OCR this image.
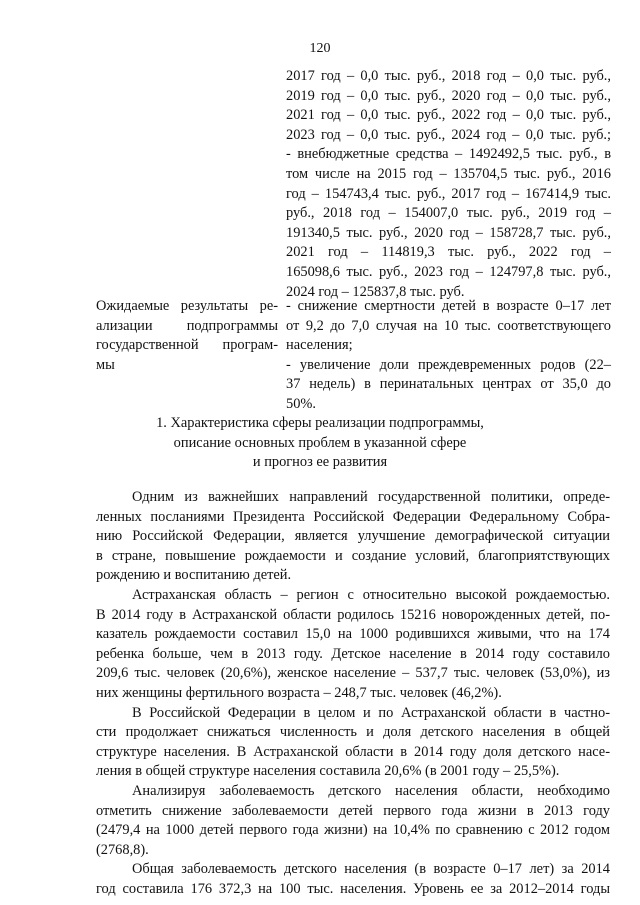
120
2017 год – 0,0 тыс. руб., 2018 год – 0,0 тыс. руб.,
2019 год – 0,0 тыс. руб., 2020 год – 0,0 тыс. руб.,
2021 год – 0,0 тыс. руб., 2022 год – 0,0 тыс. руб.,
2023 год – 0,0 тыс. руб., 2024 год – 0,0 тыс. руб.;
- внебюджетные средства – 1492492,5 тыс. руб., в
том числе на 2015 год – 135704,5 тыс. руб., 2016
год – 154743,4 тыс. руб., 2017 год – 167414,9 тыс.
руб., 2018 год – 154007,0 тыс. руб., 2019 год –
191340,5 тыс. руб., 2020 год – 158728,7 тыс. руб.,
2021 год – 114819,3 тыс. руб., 2022 год –
165098,6 тыс. руб., 2023 год – 124797,8 тыс. руб.,
2024 год – 125837,8 тыс. руб.
Ожидаемые результаты ре-
ализации подпрограммы
государственной програм-
мы
- снижение смертности детей в возрасте 0–17 лет
от 9,2 до 7,0 случая на 10 тыс. соответствующего
населения;
- увеличение доли преждевременных родов (22–
37 недель) в перинатальных центрах от 35,0 до
50%.
1. Характеристика сферы реализации подпрограммы,
описание основных проблем в указанной сфере
и прогноз ее развития
Одним из важнейших направлений государственной политики, опреде-
ленных посланиями Президента Российской Федерации Федеральному Собра-
нию Российской Федерации, является улучшение демографической ситуации
в стране, повышение рождаемости и создание условий, благоприятствующих
рождению и воспитанию детей.
Астраханская область – регион с относительно высокой рождаемостью.
В 2014 году в Астраханской области родилось 15216 новорожденных детей, по-
казатель рождаемости составил 15,0 на 1000 родившихся живыми, что на 174
ребенка больше, чем в 2013 году. Детское население в 2014 году составило
209,6 тыс. человек (20,6%), женское население – 537,7 тыс. человек (53,0%), из
них женщины фертильного возраста – 248,7 тыс. человек (46,2%).
В Российской Федерации в целом и по Астраханской области в частно-
сти продолжает снижаться численность и доля детского населения в общей
структуре населения. В Астраханской области в 2014 году доля детского насе-
ления в общей структуре населения составила 20,6% (в 2001 году – 25,5%).
Анализируя заболеваемость детского населения области, необходимо
отметить снижение заболеваемости детей первого года жизни в 2013 году
(2479,4 на 1000 детей первого года жизни) на 10,4% по сравнению с 2012 годом
(2768,8).
Общая заболеваемость детского населения (в возрасте 0–17 лет) за 2014
год составила 176 372,3 на 100 тыс. населения. Уровень ее за 2012–2014 годы
